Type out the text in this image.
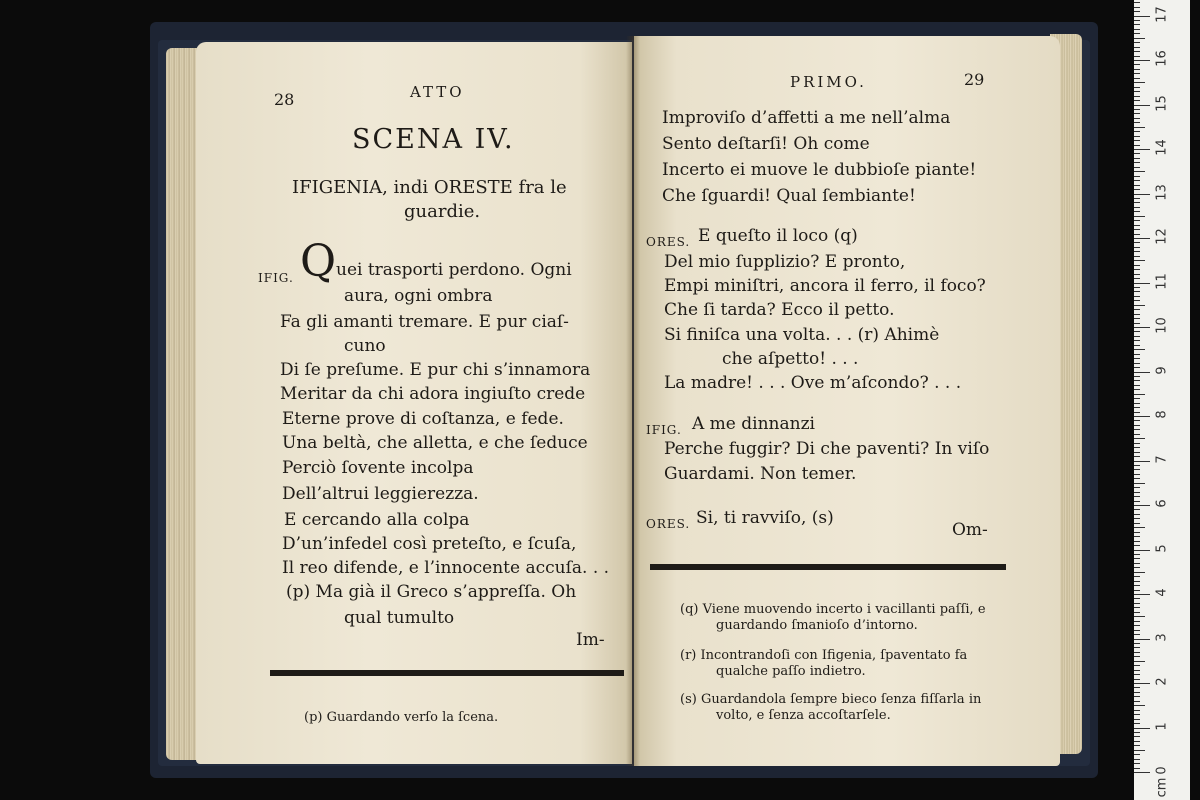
28	ATTO
SCENA IV.
IFIGENIA, indi ORESTE fra le
guardie.
IFIG. Q uei trasporti perdono. Ogni
aura, ogni ombra
Fa gli amanti tremare. E pur ciaſ-
cuno
Di ſe preſume. E pur chi s’innamora
Meritar da chi adora ingiuſto crede
Eterne prove di coſtanza, e fede.
Una beltà, che alletta, e che ſeduce
Perciò ſovente incolpa
Dell’altrui leggierezza.
E cercando alla colpa
D’un’infedel così preteſto, e ſcuſa,
Il reo difende, e l’innocente accuſa. . .
(p) Ma già il Greco s’appreſſa. Oh
qual tumulto
Im-
(p) Guardando verſo la ſcena.
PRIMO.	29
Improviſo d’affetti a me nell’alma
Sento deſtarſi! Oh come
Incerto ei muove le dubbioſe piante!
Che ſguardi! Qual ſembiante!
ORES. E queſto il loco (q)
Del mio ſupplizio? E pronto,
Empi miniſtri, ancora il ferro, il foco?
Che ſi tarda? Ecco il petto.
Si finiſca una volta. . . (r) Ahimè
che aſpetto! . . .
La madre! . . . Ove m’aſcondo? . . .
IFIG. A me dinnanzi
Perche fuggir? Di che paventi? In viſo
Guardami. Non temer.
ORES. Si, ti ravviſo, (s)
Om-
(q) Viene muovendo incerto i vacillanti paſſi, e
guardando ſmanioſo d’intorno.
(r) Incontrandoſi con Ifigenia, ſpaventato fa
qualche paſſo indietro.
(s) Guardandola ſempre bieco ſenza fiſſarla in
volto, e ſenza accoſtarſele.
0
1
2
3
4
5
6
7
8
9
10
11
12
13
14
15
16
17
cm
